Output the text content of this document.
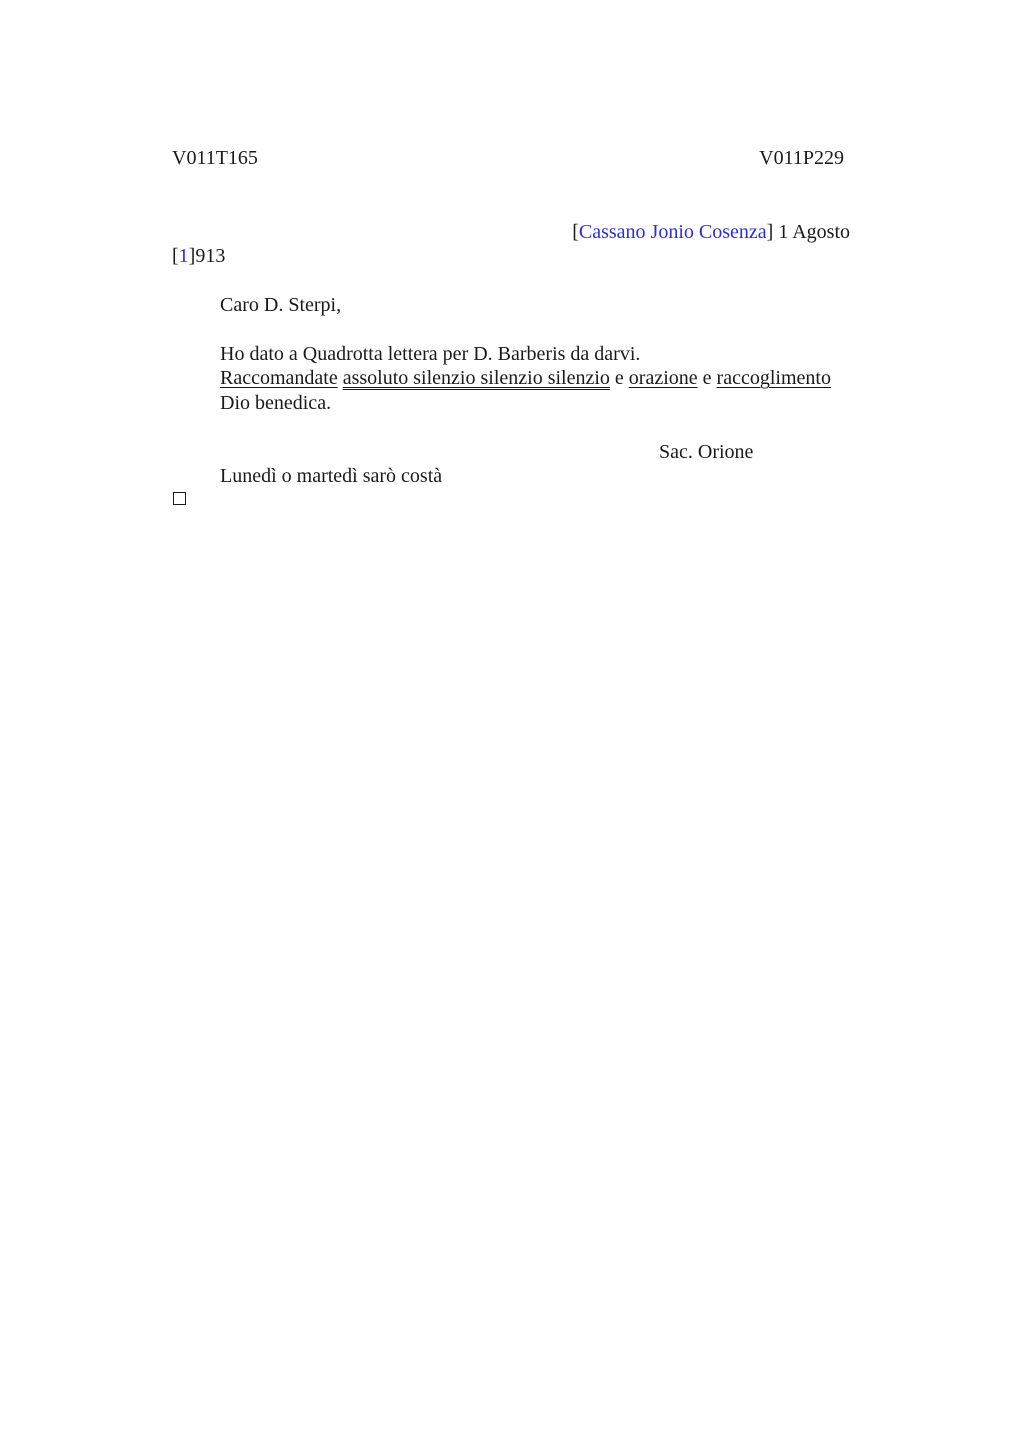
V011T165	V011P229
[Cassano Jonio Cosenza] 1 Agosto
[1]913
Caro D. Sterpi,
Ho dato a Quadrotta lettera per D. Barberis da darvi.
Raccomandate assoluto silenzio silenzio silenzio e orazione e raccoglimento
Dio benedica.
Sac. Orione
Lunedì o martedì sarò costà
